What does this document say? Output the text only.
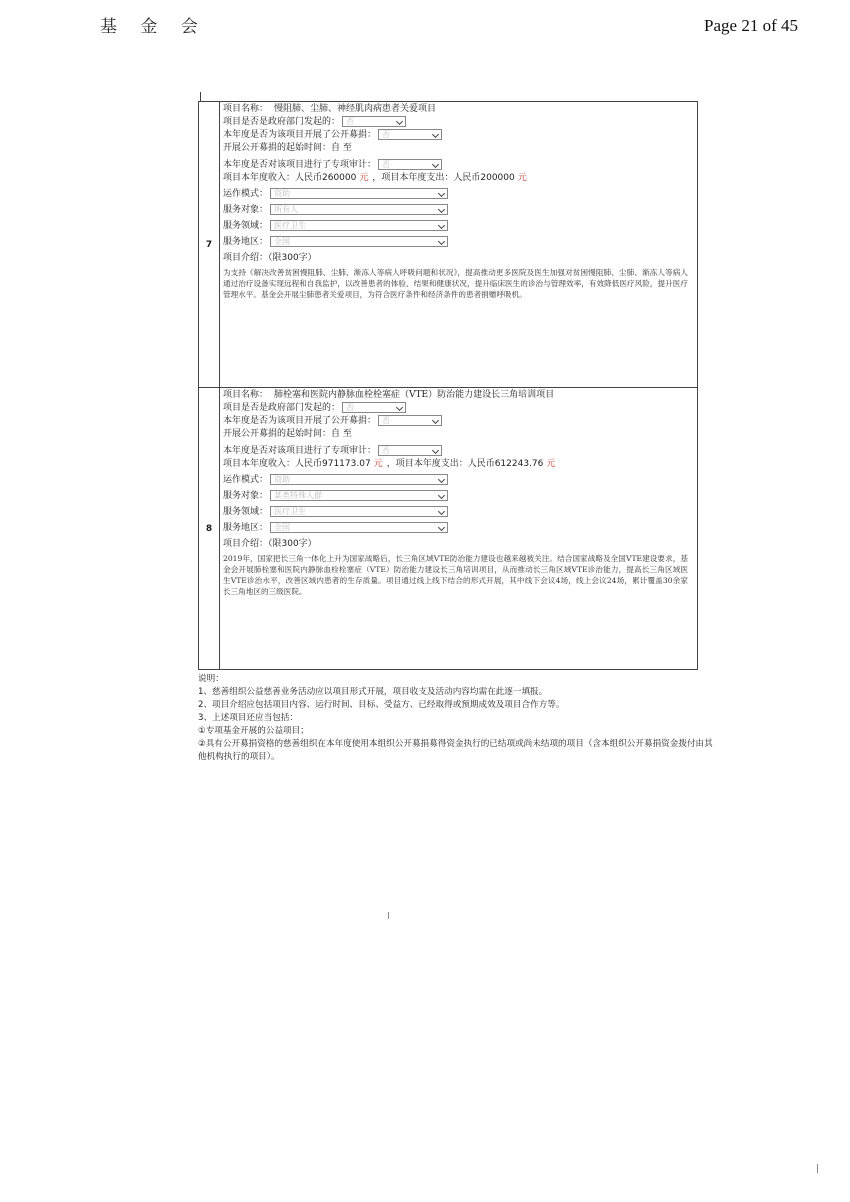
基 金 会	Page 21 of 45
7
项目名称： 慢阻肺、尘肺、神经肌肉病患者关爱项目
项目是否是政府部门发起的： 否
本年度是否为该项目开展了公开募捐： 否
开展公开募捐的起始时间：自 至
本年度是否对该项目进行了专项审计： 否
项目本年度收入：人民币260000 元 ，项目本年度支出：人民币200000 元
运作模式： 资助
服务对象： 所有人
服务领域： 医疗卫生
服务地区： 全国
项目介绍：（限300字）
为支持《解决改善贫困慢阻肺、尘肺、渐冻人等病人呼吸问题和状况》，提高推动更多医院及医生加强对贫困慢阻肺、尘肺、渐冻人等病人通过治疗设备实现远程和自我监护，以改善患者的体验、结果和健康状况，提升临床医生的诊治与管理效率，有效降低医疗风险，提升医疗管理水平。基金会开展尘肺患者关爱项目，为符合医疗条件和经济条件的患者捐赠呼吸机。
8
项目名称： 肺栓塞和医院内静脉血栓栓塞症（VTE）防治能力建设长三角培训项目
项目是否是政府部门发起的： 否
本年度是否为该项目开展了公开募捐： 否
开展公开募捐的起始时间：自 至
本年度是否对该项目进行了专项审计： 否
项目本年度收入：人民币971173.07 元 ，项目本年度支出：人民币612243.76 元
运作模式： 资助
服务对象： 某类特殊人群
服务领域： 医疗卫生
服务地区： 全国
项目介绍：（限300字）
2019年，国家把长三角一体化上升为国家战略后，长三角区域VTE防治能力建设也越来越被关注。结合国家战略及全国VTE建设要求，基金会开展肺栓塞和医院内静脉血栓栓塞症（VTE）防治能力建设长三角培训项目，从而推动长三角区域VTE诊治能力，提高长三角区域医生VTE诊治水平，改善区域内患者的生存质量。项目通过线上线下结合的形式开展，其中线下会议4场，线上会议24场，累计覆盖30余家长三角地区的三级医院。
说明：
1、慈善组织公益慈善业务活动应以项目形式开展，项目收支及活动内容均需在此逐一填报。
2、项目介绍应包括项目内容、运行时间、目标、受益方、已经取得或预期成效及项目合作方等。
3、上述项目还应当包括：
①专项基金开展的公益项目；
②具有公开募捐资格的慈善组织在本年度使用本组织公开募捐募得资金执行的已结项或尚未结项的项目（含本组织公开募捐资金拨付由其他机构执行的项目）。
